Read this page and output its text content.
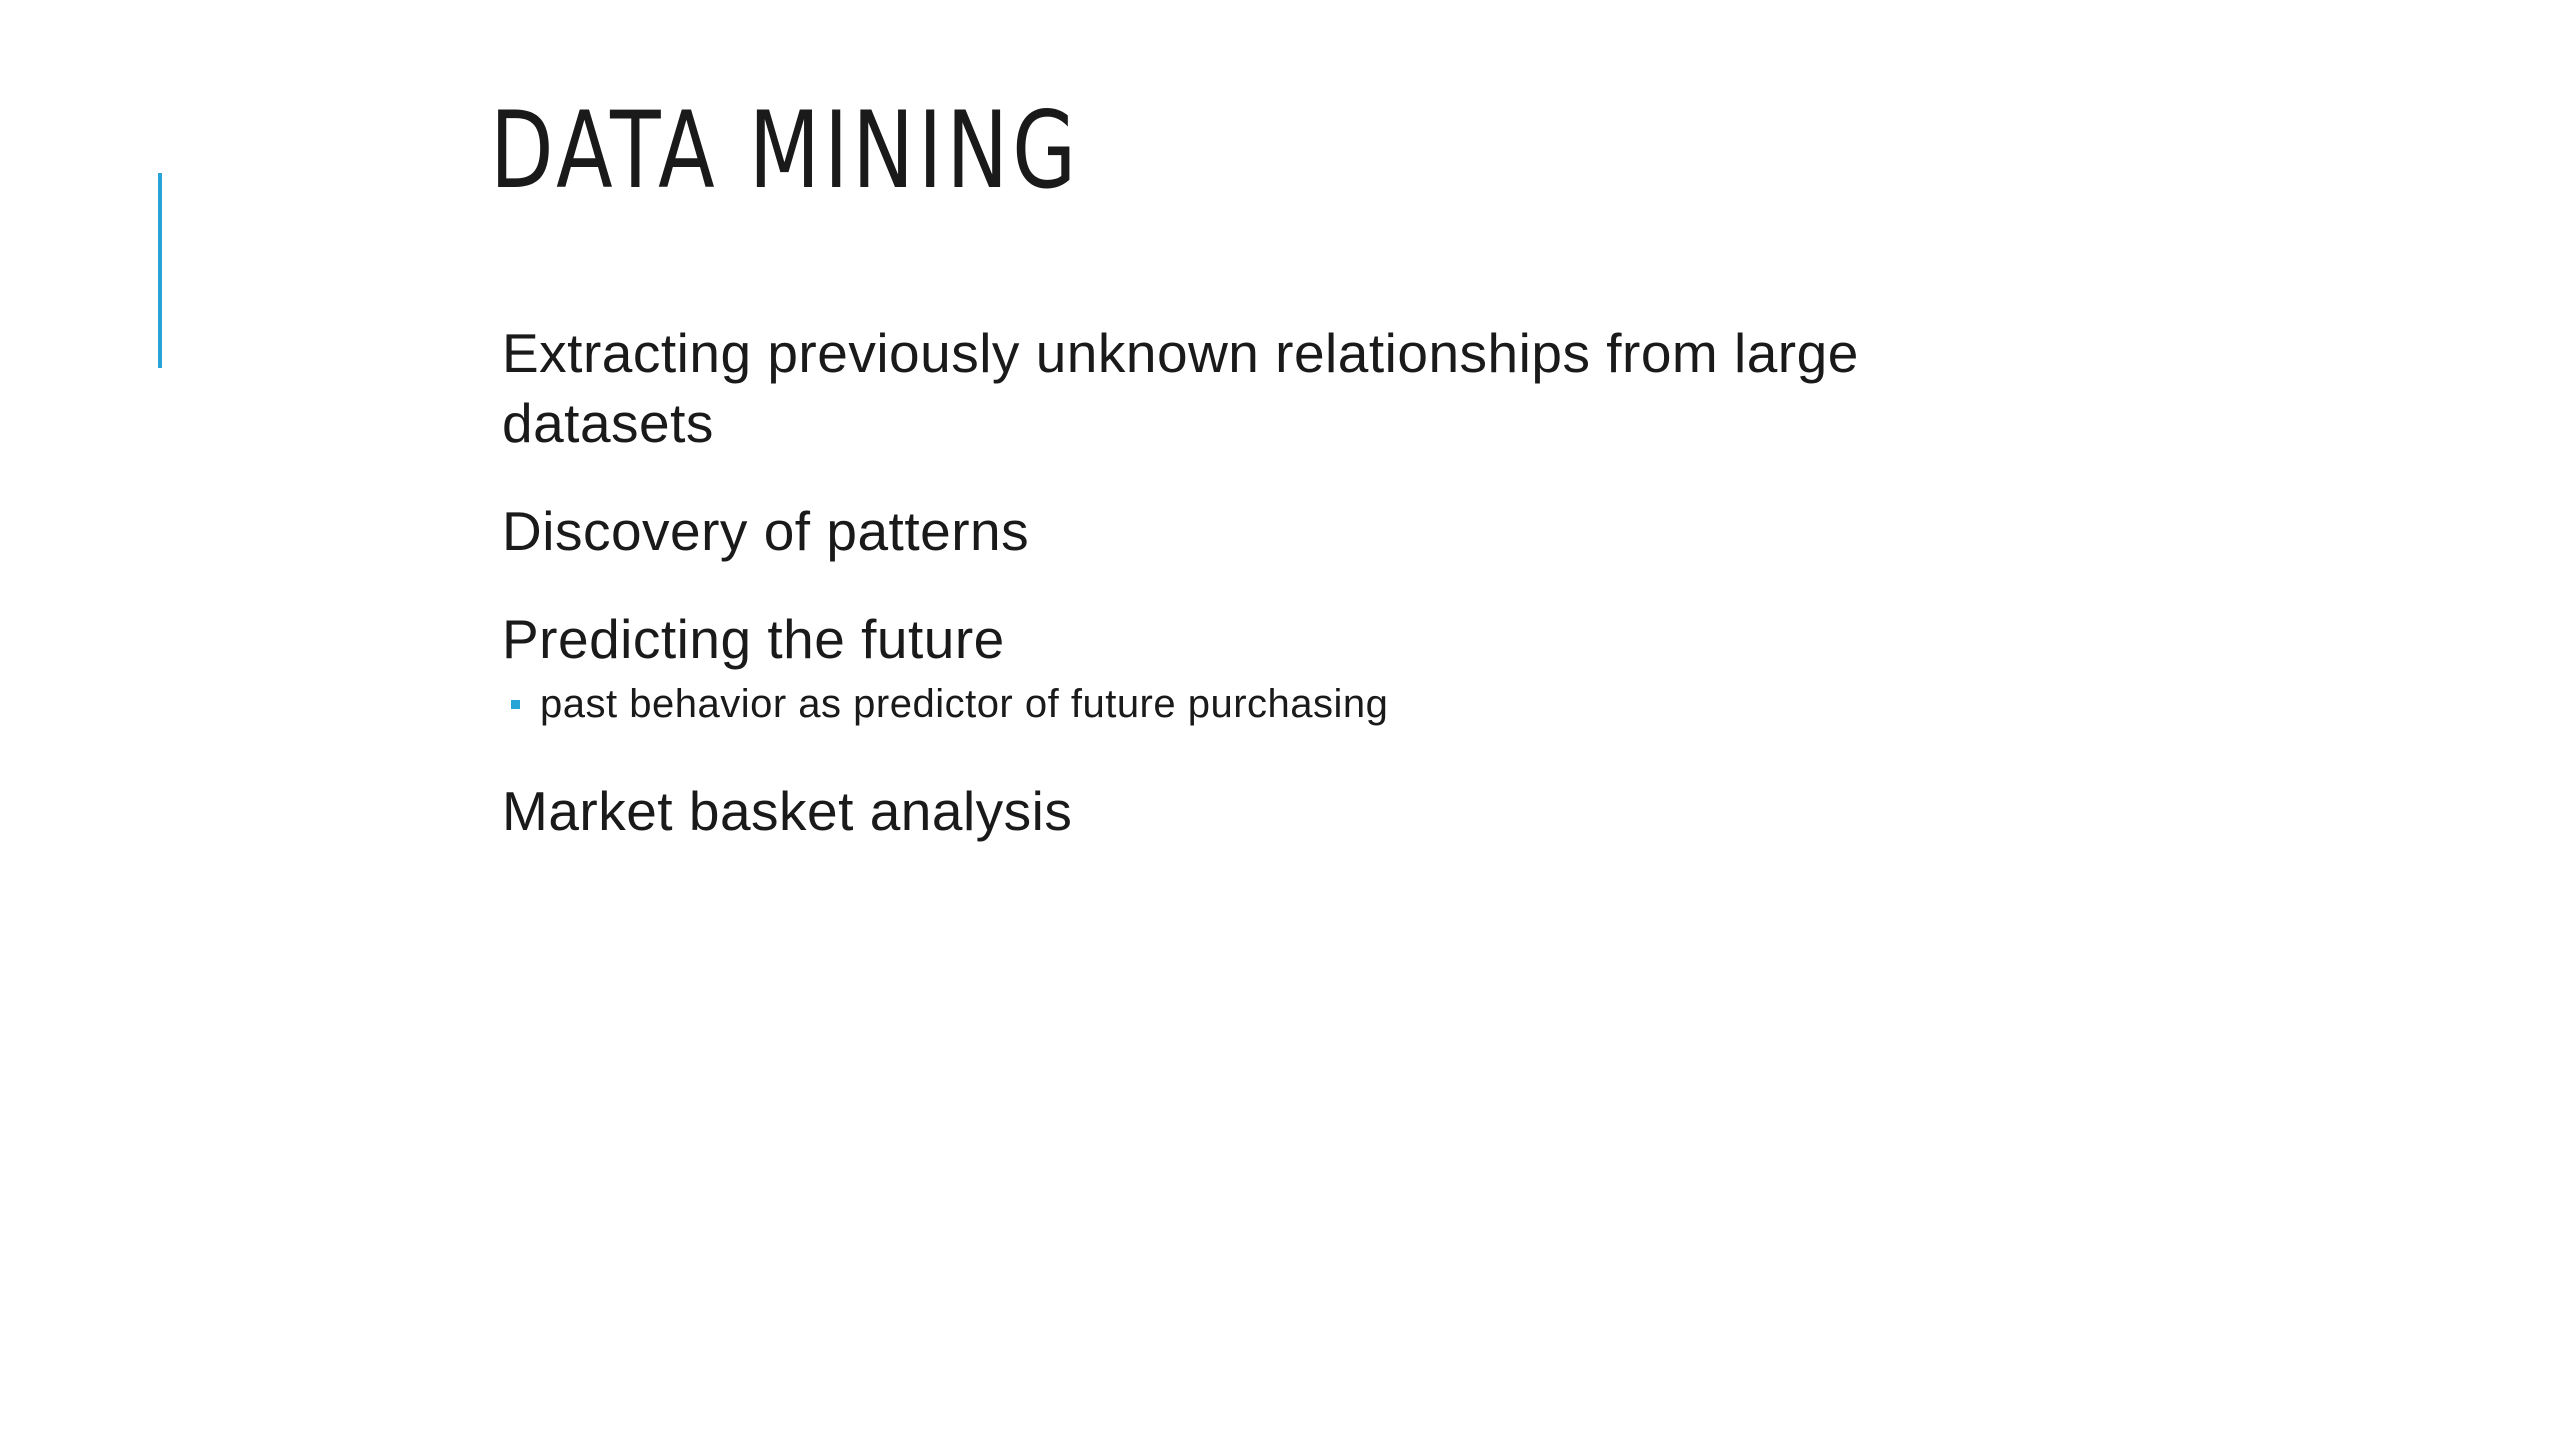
DATA MINING

Extracting previously unknown relationships from large datasets

Discovery of patterns

Predicting the future

past behavior as predictor of future purchasing

Market basket analysis
